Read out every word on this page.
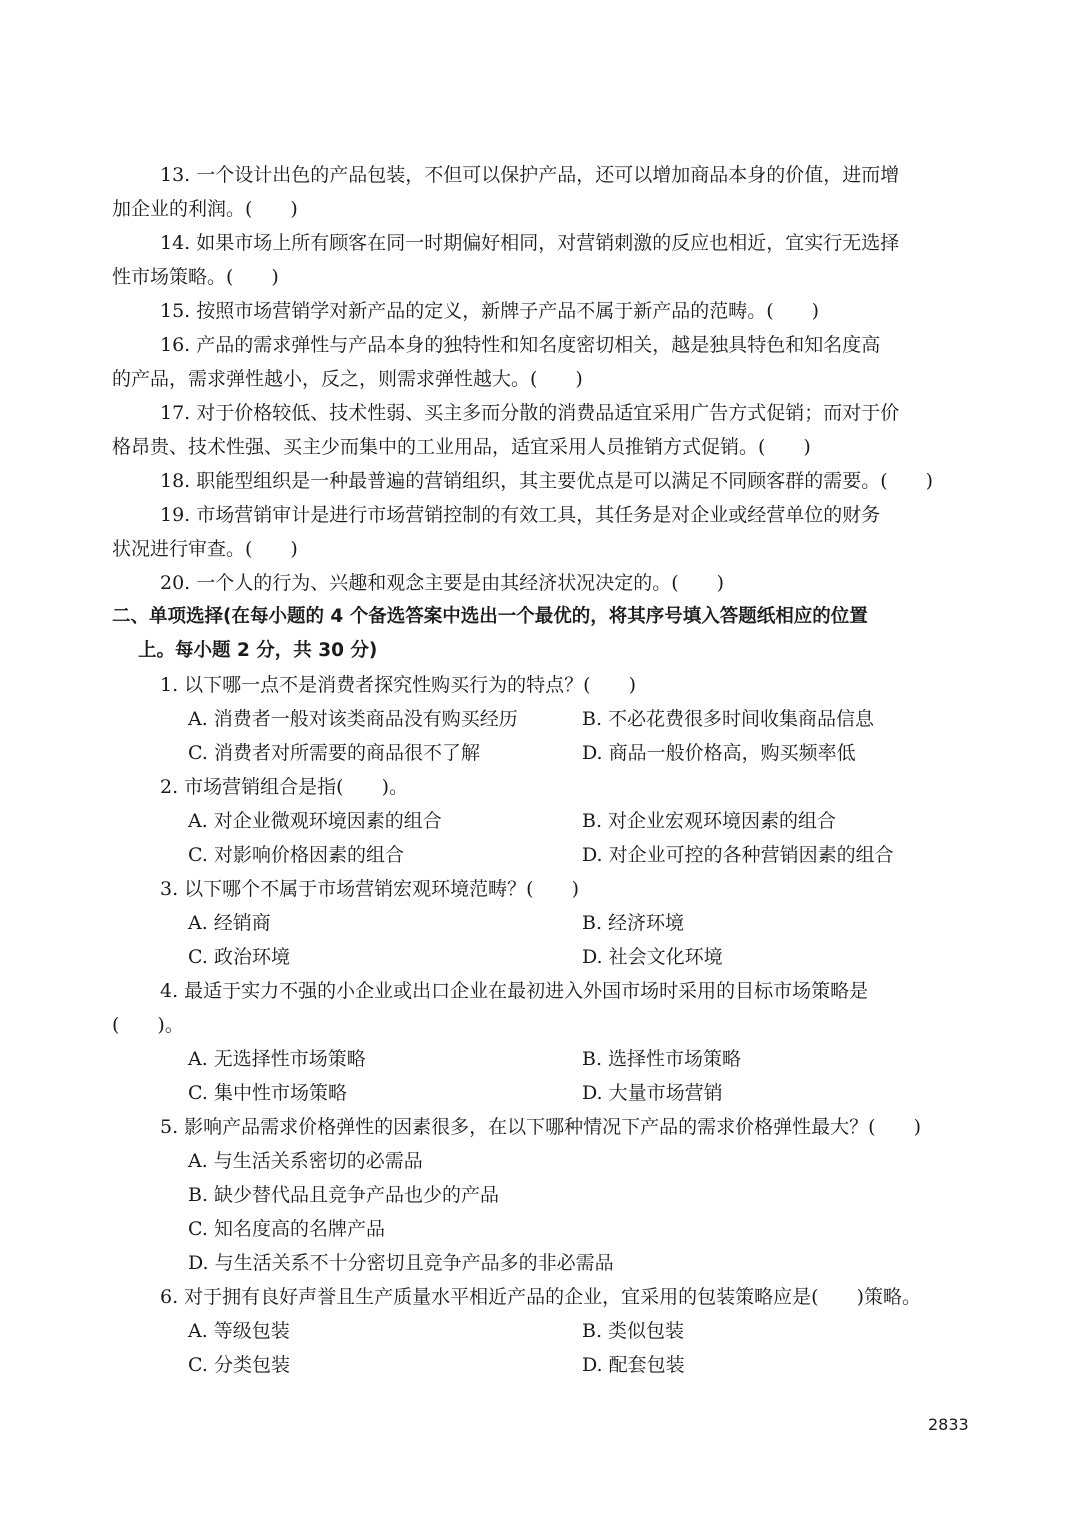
13. 一个设计出色的产品包装，不但可以保护产品，还可以增加商品本身的价值，进而增
加企业的利润。(　　)
14. 如果市场上所有顾客在同一时期偏好相同，对营销刺激的反应也相近，宜实行无选择
性市场策略。(　　)
15. 按照市场营销学对新产品的定义，新牌子产品不属于新产品的范畴。(　　)
16. 产品的需求弹性与产品本身的独特性和知名度密切相关，越是独具特色和知名度高
的产品，需求弹性越小，反之，则需求弹性越大。(　　)
17. 对于价格较低、技术性弱、买主多而分散的消费品适宜采用广告方式促销；而对于价
格昂贵、技术性强、买主少而集中的工业用品，适宜采用人员推销方式促销。(　　)
18. 职能型组织是一种最普遍的营销组织，其主要优点是可以满足不同顾客群的需要。(　　)
19. 市场营销审计是进行市场营销控制的有效工具，其任务是对企业或经营单位的财务
状况进行审查。(　　)
20. 一个人的行为、兴趣和观念主要是由其经济状况决定的。(　　)
二、单项选择(在每小题的 4 个备选答案中选出一个最优的，将其序号填入答题纸相应的位置
上。每小题 2 分，共 30 分)
1. 以下哪一点不是消费者探究性购买行为的特点？(　　)
A. 消费者一般对该类商品没有购买经历	B. 不必花费很多时间收集商品信息
C. 消费者对所需要的商品很不了解	D. 商品一般价格高，购买频率低
2. 市场营销组合是指(　　)。
A. 对企业微观环境因素的组合	B. 对企业宏观环境因素的组合
C. 对影响价格因素的组合	D. 对企业可控的各种营销因素的组合
3. 以下哪个不属于市场营销宏观环境范畴？(　　)
A. 经销商	B. 经济环境
C. 政治环境	D. 社会文化环境
4. 最适于实力不强的小企业或出口企业在最初进入外国市场时采用的目标市场策略是
(　　)。
A. 无选择性市场策略	B. 选择性市场策略
C. 集中性市场策略	D. 大量市场营销
5. 影响产品需求价格弹性的因素很多，在以下哪种情况下产品的需求价格弹性最大？(　　)
A. 与生活关系密切的必需品
B. 缺少替代品且竞争产品也少的产品
C. 知名度高的名牌产品
D. 与生活关系不十分密切且竞争产品多的非必需品
6. 对于拥有良好声誉且生产质量水平相近产品的企业，宜采用的包装策略应是(　　)策略。
A. 等级包装	B. 类似包装
C. 分类包装	D. 配套包装
2833
